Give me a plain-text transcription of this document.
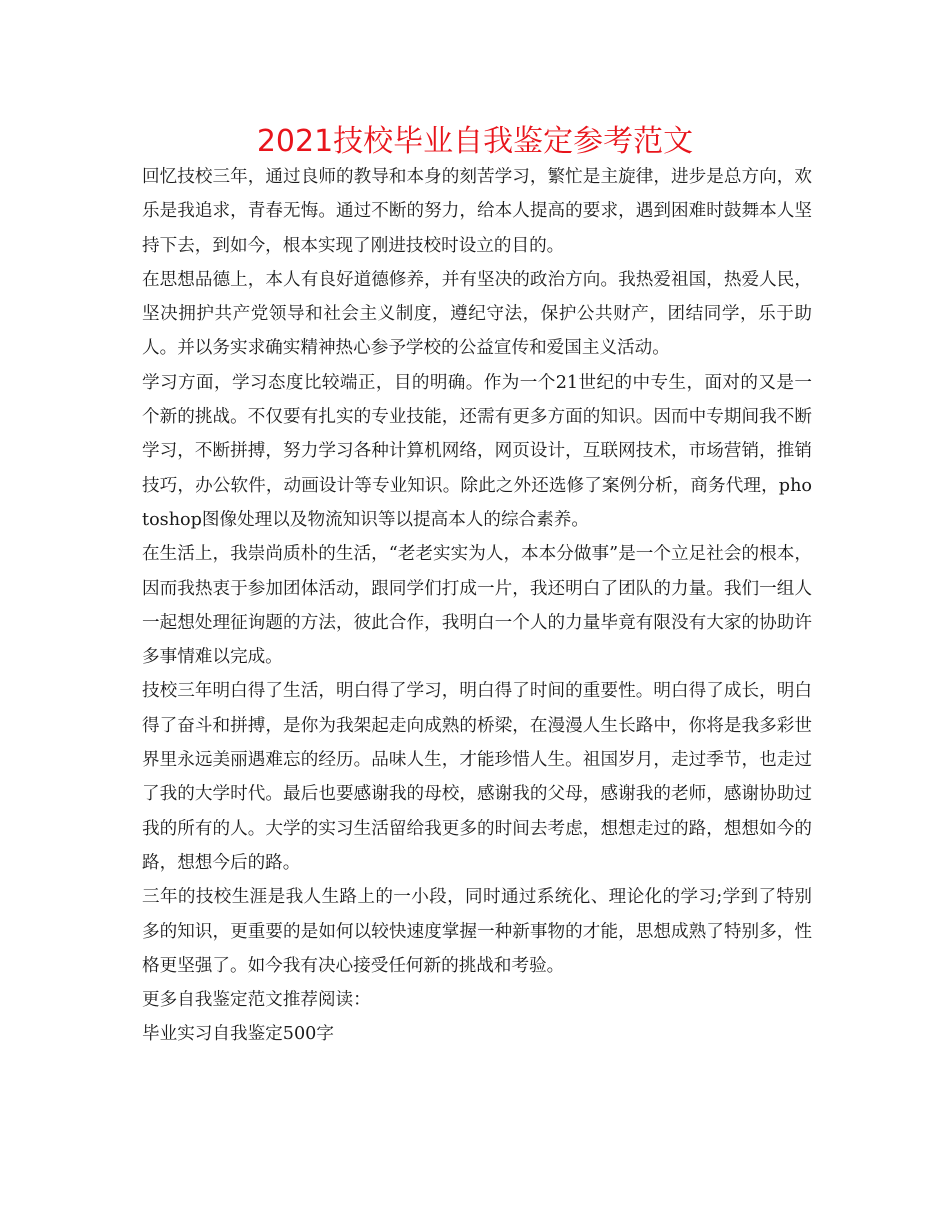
2021技校毕业自我鉴定参考范文

回忆技校三年，通过良师的教导和本身的刻苦学习，繁忙是主旋律，进步是总方向，欢乐是我追求，青春无悔。通过不断的努力，给本人提高的要求，遇到困难时鼓舞本人坚持下去，到如今，根本实现了刚进技校时设立的目的。

在思想品德上，本人有良好道德修养，并有坚决的政治方向。我热爱祖国，热爱人民，坚决拥护共产党领导和社会主义制度，遵纪守法，保护公共财产，团结同学，乐于助人。并以务实求确实精神热心参予学校的公益宣传和爱国主义活动。

学习方面，学习态度比较端正，目的明确。作为一个21世纪的中专生，面对的又是一个新的挑战。不仅要有扎实的专业技能，还需有更多方面的知识。因而中专期间我不断学习，不断拼搏，努力学习各种计算机网络，网页设计，互联网技术，市场营销，推销技巧，办公软件，动画设计等专业知识。除此之外还选修了案例分析，商务代理，photoshop图像处理以及物流知识等以提高本人的综合素养。

在生活上，我崇尚质朴的生活，“老老实实为人，本本分做事”是一个立足社会的根本，因而我热衷于参加团体活动，跟同学们打成一片，我还明白了团队的力量。我们一组人一起想处理征询题的方法，彼此合作，我明白一个人的力量毕竟有限没有大家的协助许多事情难以完成。

技校三年明白得了生活，明白得了学习，明白得了时间的重要性。明白得了成长，明白得了奋斗和拼搏，是你为我架起走向成熟的桥梁，在漫漫人生长路中，你将是我多彩世界里永远美丽遇难忘的经历。品味人生，才能珍惜人生。祖国岁月，走过季节，也走过了我的大学时代。最后也要感谢我的母校，感谢我的父母，感谢我的老师，感谢协助过我的所有的人。大学的实习生活留给我更多的时间去考虑，想想走过的路，想想如今的路，想想今后的路。

三年的技校生涯是我人生路上的一小段，同时通过系统化、理论化的学习;学到了特别多的知识，更重要的是如何以较快速度掌握一种新事物的才能，思想成熟了特别多，性格更坚强了。如今我有决心接受任何新的挑战和考验。

更多自我鉴定范文推荐阅读：

毕业实习自我鉴定500字
